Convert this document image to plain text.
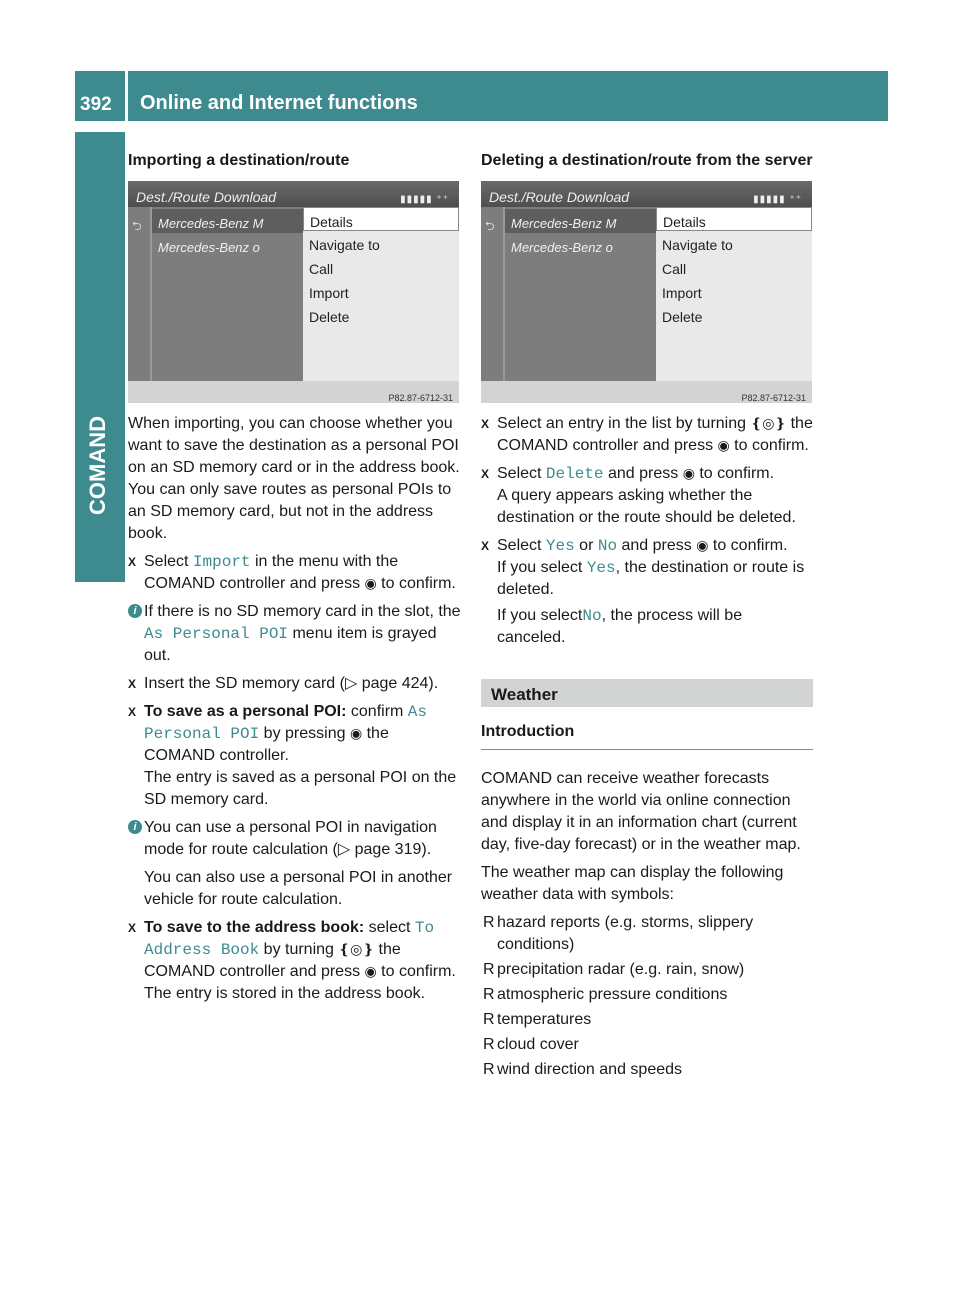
392	Online and Internet functions
COMAND
Importing a destination/route
Dest./Route Download	▮▮▮▮▮ ⁺⁺
⮌	Mercedes-Benz M
Mercedes-Benz o
Details
Navigate to
Call
Import
Delete
P82.87-6712-31

When importing, you can choose whether you want to save the destination as a personal POI on an SD memory card or in the address book. You can only save routes as personal POIs to an SD memory card, but not in the address book.

X Select Import in the menu with the COMAND controller and press ◉ to confirm.
i If there is no SD memory card in the slot, the As Personal POI menu item is grayed out.
X Insert the SD memory card (▷ page 424).
X To save as a personal POI: confirm As Personal POI by pressing ◉ the COMAND controller.
The entry is saved as a personal POI on the SD memory card.
i You can use a personal POI in navigation mode for route calculation (▷ page 319).

You can also use a personal POI in another vehicle for route calculation.

X To save to the address book: select To Address Book by turning ❴◎❵ the COMAND controller and press ◉ to confirm.
The entry is stored in the address book.
Deleting a destination/route from the server
Dest./Route Download	▮▮▮▮▮ ⁺⁺
⮌	Mercedes-Benz M
Mercedes-Benz o
Details
Navigate to
Call
Import
Delete
P82.87-6712-31
X Select an entry in the list by turning ❴◎❵ the COMAND controller and press ◉ to confirm.
X Select Delete and press ◉ to confirm.
A query appears asking whether the destination or the route should be deleted.
X Select Yes or No and press ◉ to confirm.
If you select Yes, the destination or route is deleted.
If you selectNo, the process will be canceled.
Weather
Introduction

COMAND can receive weather forecasts anywhere in the world via online connection and display it in an information chart (current day, five-day forecast) or in the weather map.

The weather map can display the following weather data with symbols:

R hazard reports (e.g. storms, slippery conditions)
R precipitation radar (e.g. rain, snow)
R atmospheric pressure conditions
R temperatures
R cloud cover
R wind direction and speeds
